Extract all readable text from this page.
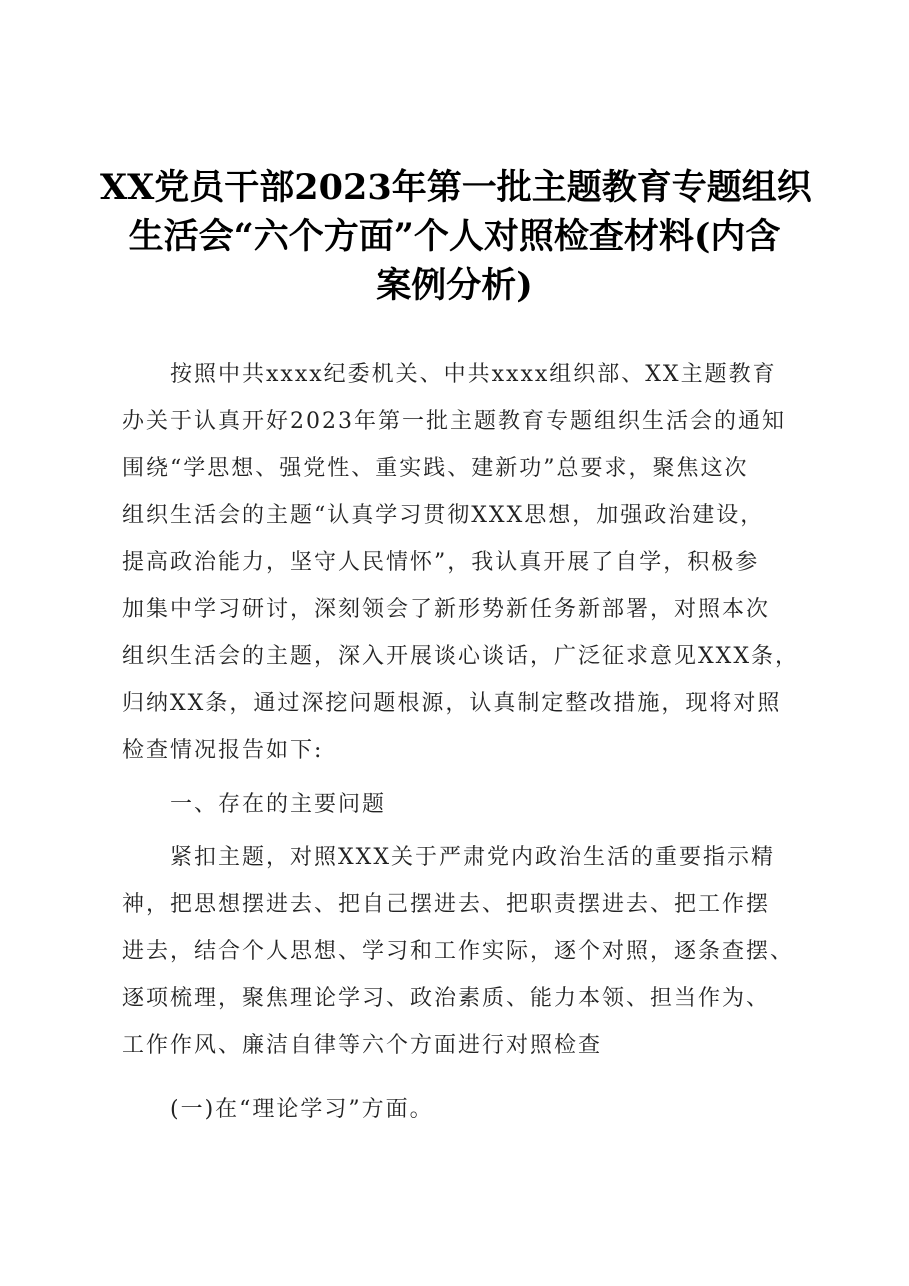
XX党员干部2023年第一批主题教育专题组织
生活会“六个方面”个人对照检查材料(内含
案例分析)
按照中共xxxx纪委机关、中共xxxx组织部、XX主题教育
办关于认真开好2023年第一批主题教育专题组织生活会的通知
围绕“学思想、强党性、重实践、建新功”总要求，聚焦这次
组织生活会的主题“认真学习贯彻XXX思想，加强政治建设，
提高政治能力，坚守人民情怀”，我认真开展了自学，积极参
加集中学习研讨，深刻领会了新形势新任务新部署，对照本次
组织生活会的主题，深入开展谈心谈话，广泛征求意见XXX条，
归纳XX条，通过深挖问题根源，认真制定整改措施，现将对照
检查情况报告如下:
一、存在的主要问题
紧扣主题，对照XXX关于严肃党内政治生活的重要指示精
神，把思想摆进去、把自己摆进去、把职责摆进去、把工作摆
进去，结合个人思想、学习和工作实际，逐个对照，逐条查摆、
逐项梳理，聚焦理论学习、政治素质、能力本领、担当作为、
工作作风、廉洁自律等六个方面进行对照检查
(一)在“理论学习”方面。
